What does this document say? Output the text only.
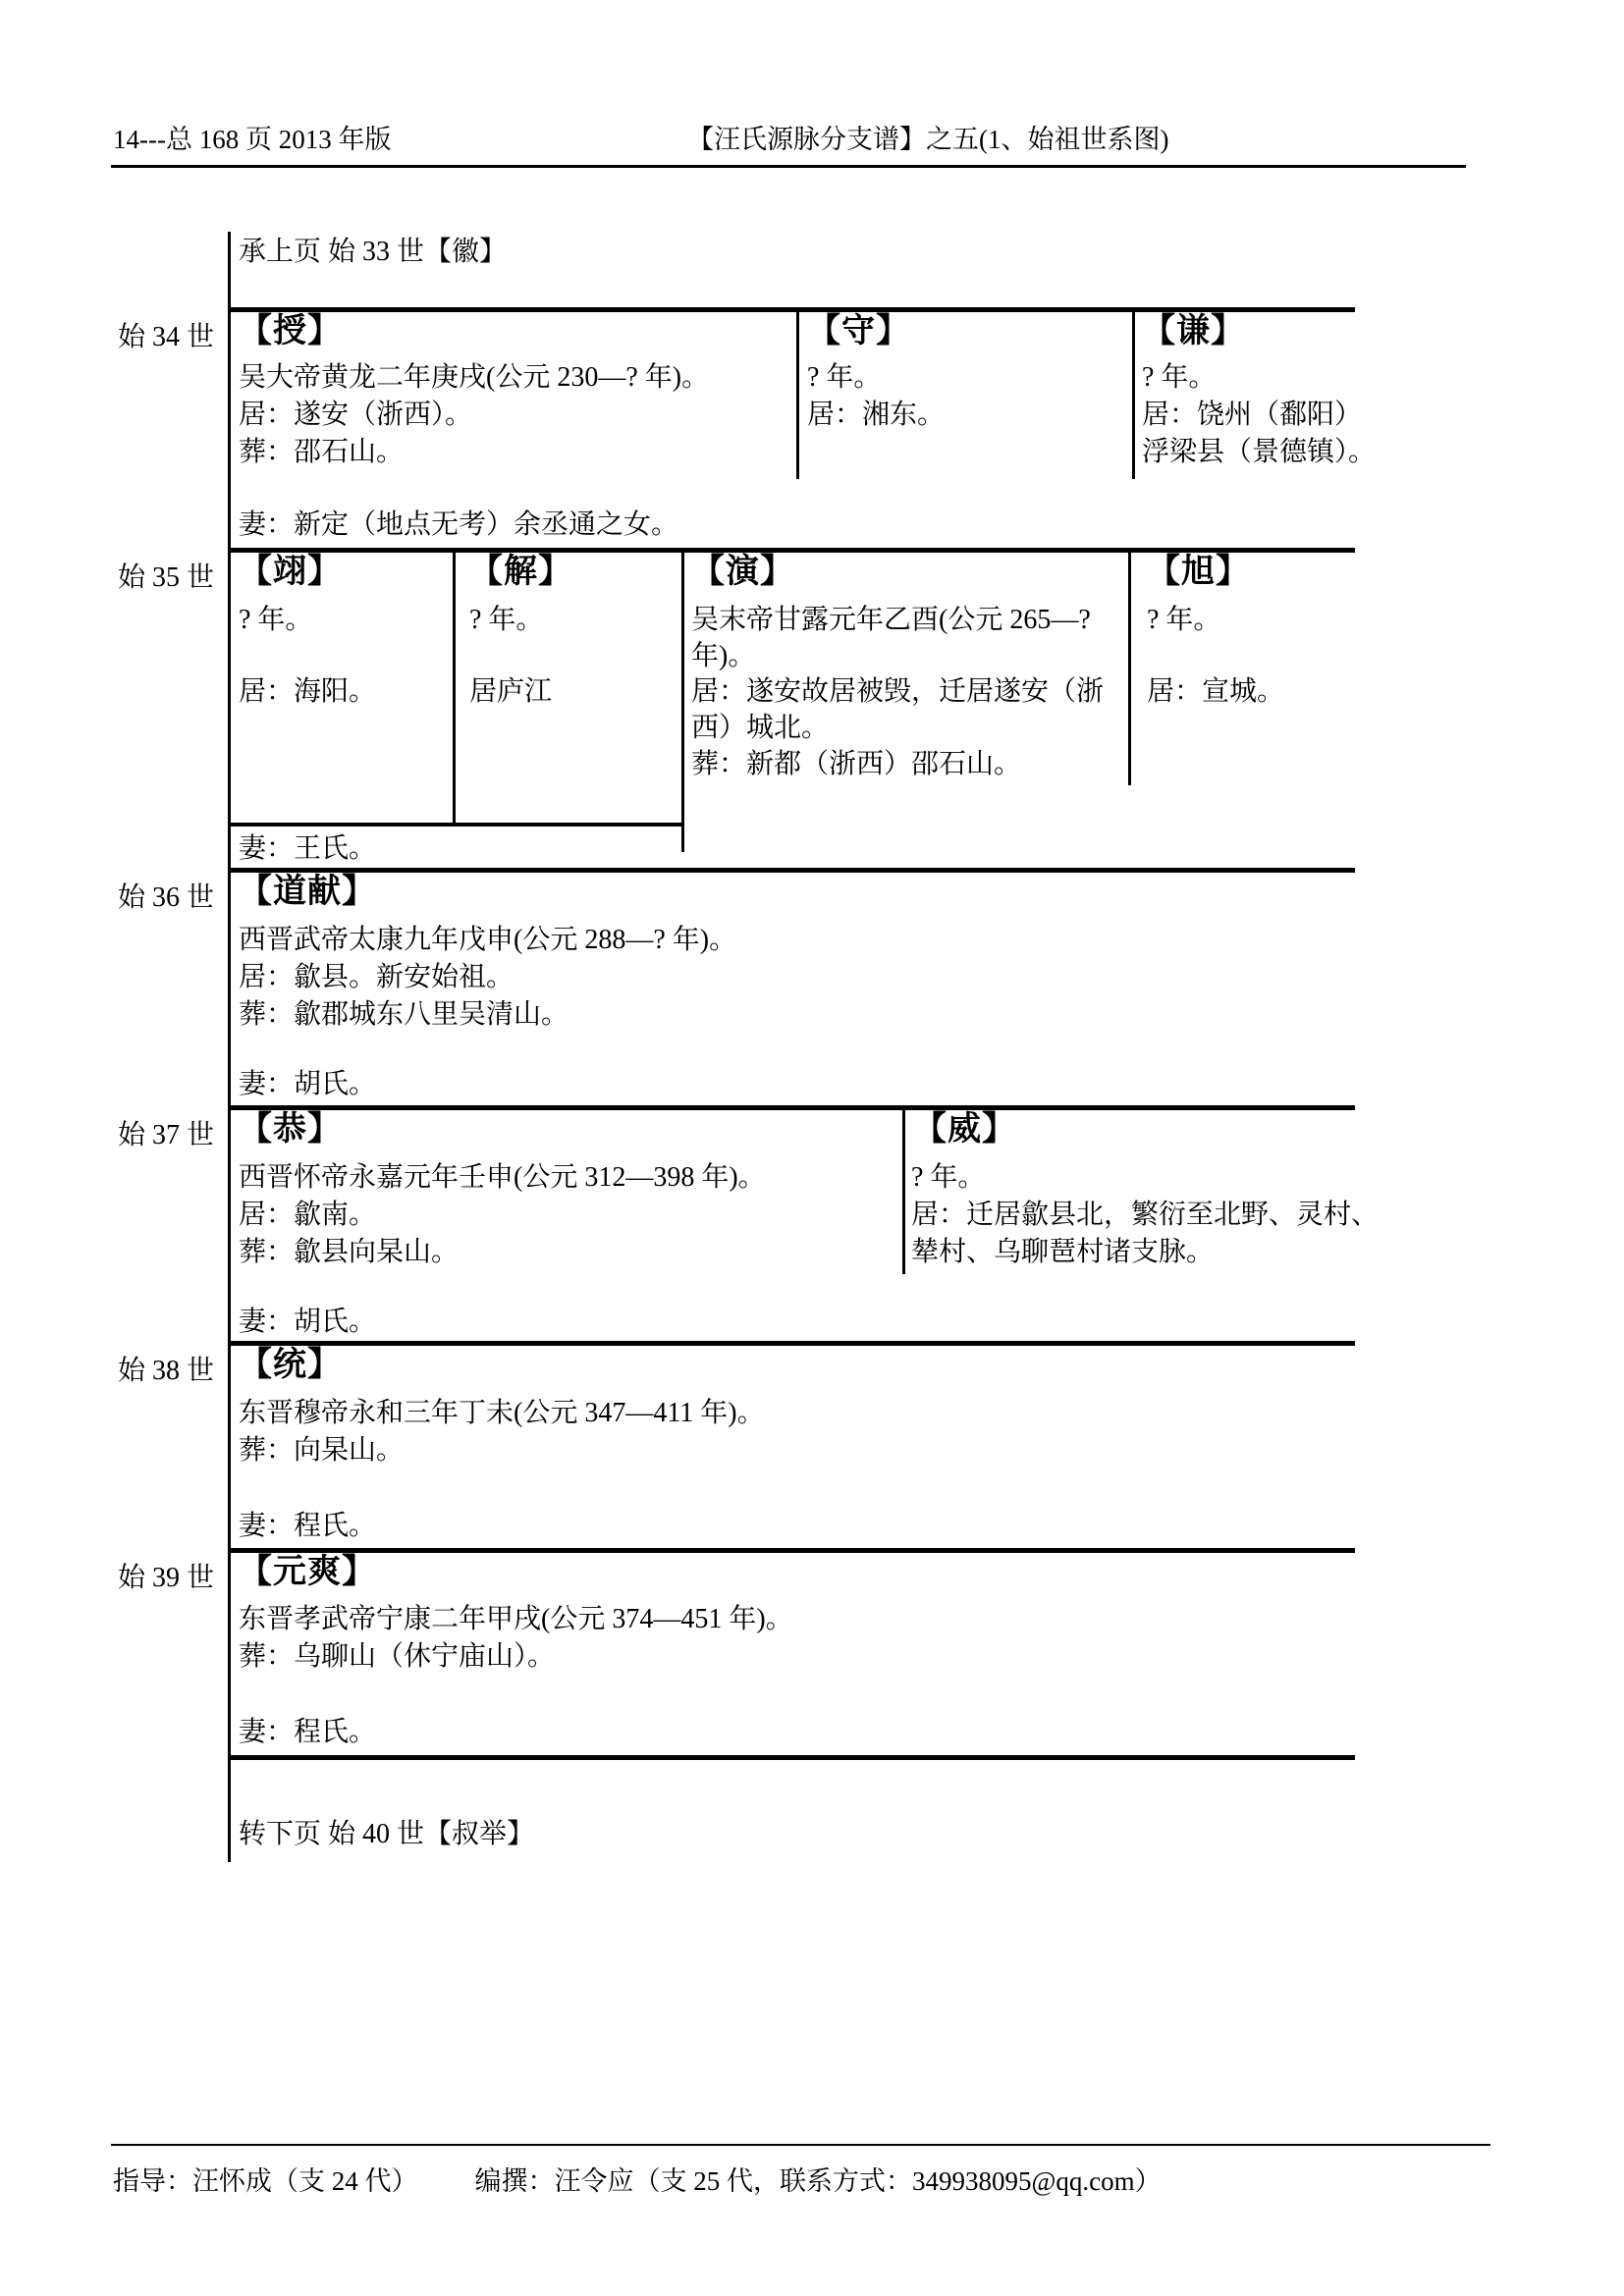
14---总 168 页 2013 年版	【汪氏源脉分支谱】之五(1、始祖世系图)
承上页 始 33 世【徽】
始 34 世 【授】
吴大帝黄龙二年庚戌(公元 230—? 年)。
居：遂安（浙西）。
葬：邵石山。
【守】
? 年。
居：湘东。
【谦】
? 年。
居：饶州（鄱阳）
浮梁县（景德镇）。
妻：新定（地点无考）余丞通之女。
始 35 世 【翊】
? 年。
居：海阳。
【解】
? 年。
居庐江
【演】
吴末帝甘露元年乙酉(公元 265—?
年)。
居：遂安故居被毁，迁居遂安（浙
西）城北。
葬：新都（浙西）邵石山。
【旭】
? 年。
居：宣城。
妻：王氏。
始 36 世 【道献】
西晋武帝太康九年戊申(公元 288—? 年)。
居：歙县。新安始祖。
葬：歙郡城东八里吴清山。
妻：胡氏。
始 37 世 【恭】
西晋怀帝永嘉元年壬申(公元 312—398 年)。
居：歙南。
葬：歙县向杲山。
【威】
? 年。
居：迁居歙县北，繁衍至北野、灵村、
辇村、乌聊琶村诸支脉。
妻：胡氏。
始 38 世 【统】
东晋穆帝永和三年丁未(公元 347—411 年)。
葬：向杲山。
妻：程氏。
始 39 世 【元爽】
东晋孝武帝宁康二年甲戌(公元 374—451 年)。
葬：乌聊山（休宁庙山）。
妻：程氏。
转下页 始 40 世【叔举】
指导：汪怀成（支 24 代） 编撰：汪令应（支 25 代，联系方式：349938095@qq.com）
